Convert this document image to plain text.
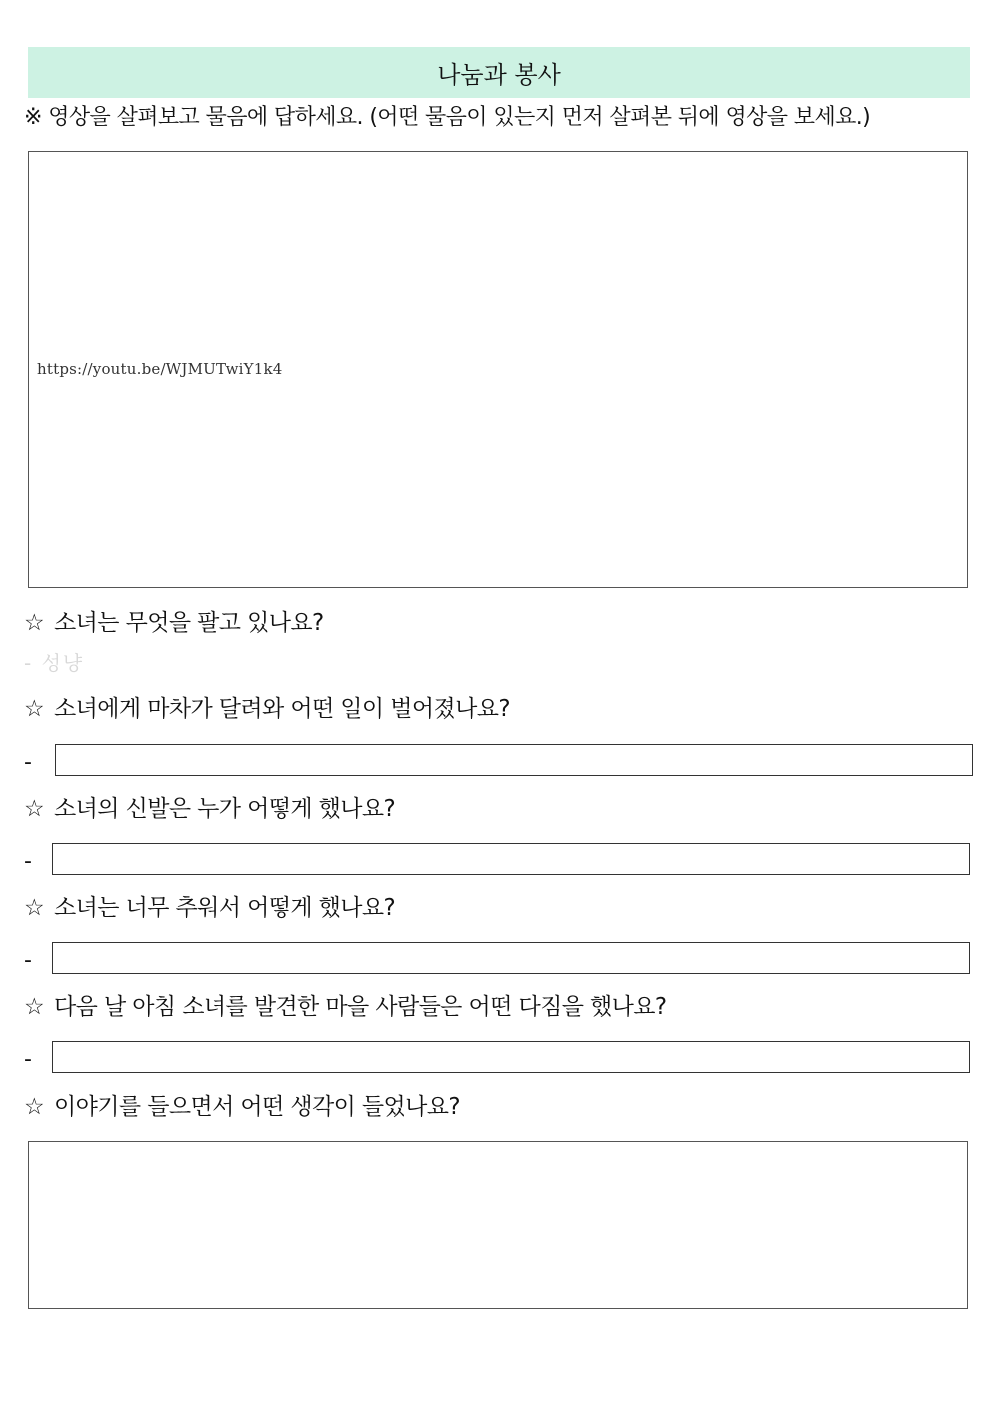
나눔과 봉사
※ 영상을 살펴보고 물음에 답하세요. (어떤 물음이 있는지 먼저 살펴본 뒤에 영상을 보세요.)
https://youtu.be/WJMUTwiY1k4
☆ 소녀는 무엇을 팔고 있나요?
- 성냥
☆ 소녀에게 마차가 달려와 어떤 일이 벌어졌나요?
-
☆ 소녀의 신발은 누가 어떻게 했나요?
-
☆ 소녀는 너무 추워서 어떻게 했나요?
-
☆ 다음 날 아침 소녀를 발견한 마을 사람들은 어떤 다짐을 했나요?
-
☆ 이야기를 들으면서 어떤 생각이 들었나요?
